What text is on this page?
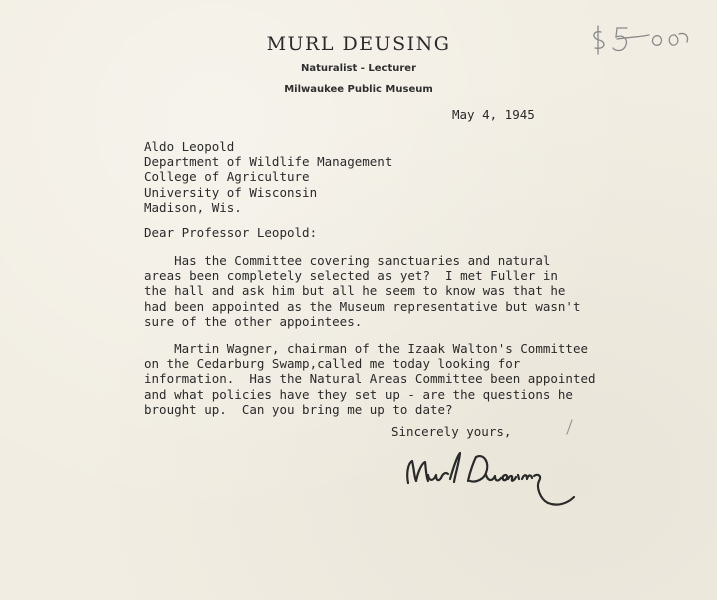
MURL DEUSING
Naturalist - Lecturer
Milwaukee Public Museum
May 4, 1945
Aldo Leopold
Department of Wildlife Management
College of Agriculture
University of Wisconsin
Madison, Wis.
Dear Professor Leopold:
Has the Committee covering sanctuaries and natural
areas been completely selected as yet?  I met Fuller in
the hall and ask him but all he seem to know was that he
had been appointed as the Museum representative but wasn't
sure of the other appointees.
Martin Wagner, chairman of the Izaak Walton's Committee
on the Cedarburg Swamp,called me today looking for
information.  Has the Natural Areas Committee been appointed
and what policies have they set up - are the questions he
brought up.  Can you bring me up to date?
Sincerely yours,
